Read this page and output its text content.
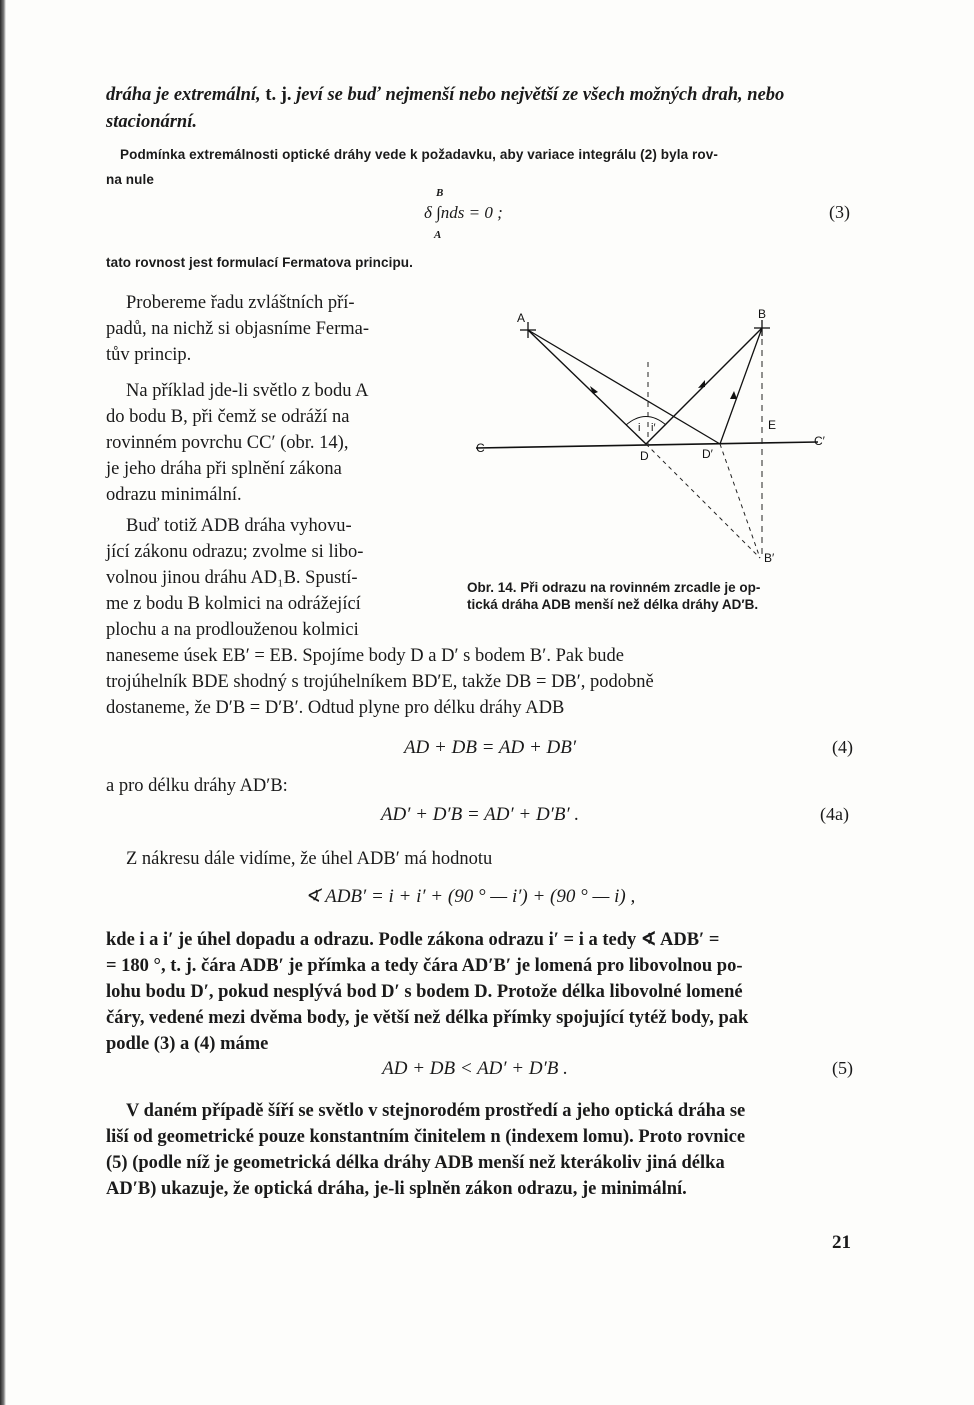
dráha je extremální, t. j. jeví se buď nejmenší nebo největší ze všech možných drah, nebo
stacionární.
Podmínka extremálnosti optické dráhy vede k požadavku, aby variace integrálu (2) byla rov-
na nule
B
δ ∫nds = 0 ;
A
(3)
tato rovnost jest formulací Fermatova principu.
Probereme řadu zvláštních pří-
padů, na nichž si objasníme Ferma-
tův princip.
Na příklad jde-li světlo z bodu A
do bodu B, při čemž se odráží na
rovinném povrchu CC′ (obr. 14),
je jeho dráha při splnění zákona
odrazu minimální.
Buď totiž ADB dráha vyhovu-
jící zákonu odrazu; zvolme si libo-
volnou jinou dráhu AD₁B. Spustí-
me z bodu B kolmici na odrážející
plochu a na prodlouženou kolmici
A	B
C	C′
D	D′
E
B′
i i′
Obr. 14. Při odrazu na rovinném zrcadle je op-
tická dráha ADB menší než délka dráhy AD′B.
naneseme úsek EB′ = EB. Spojíme body D a D′ s bodem B′. Pak bude
trojúhelník BDE shodný s trojúhelníkem BD′E, takže DB = DB′, podobně
dostaneme, že D′B = D′B′. Odtud plyne pro délku dráhy ADB
AD + DB = AD + DB′	(4)
a pro délku dráhy AD′B:
AD′ + D′B = AD′ + D′B′ .	(4a)
Z nákresu dále vidíme, že úhel ADB′ má hodnotu
∢ ADB′ = i + i′ + (90 ° — i′) + (90 ° — i) ,
kde i a i′ je úhel dopadu a odrazu. Podle zákona odrazu i′ = i a tedy ∢ ADB′ =
= 180 °, t. j. čára ADB′ je přímka a tedy čára AD′B′ je lomená pro libovolnou po-
lohu bodu D′, pokud nesplývá bod D′ s bodem D. Protože délka libovolné lomené
čáry, vedené mezi dvěma body, je větší než délka přímky spojující tytéž body, pak
podle (3) a (4) máme
AD + DB < AD′ + D′B .	(5)
V daném případě šíří se světlo v stejnorodém prostředí a jeho optická dráha se
liší od geometrické pouze konstantním činitelem n (indexem lomu). Proto rovnice
(5) (podle níž je geometrická délka dráhy ADB menší než kterákoliv jiná délka
AD′B) ukazuje, že optická dráha, je-li splněn zákon odrazu, je minimální.
21
